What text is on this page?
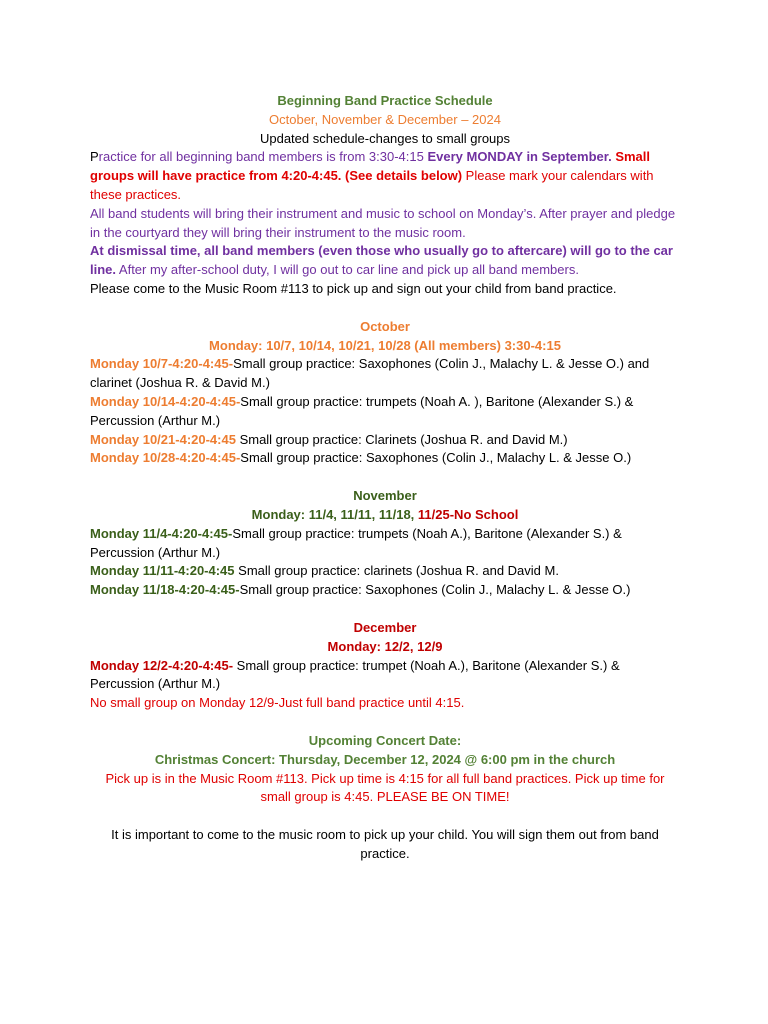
Beginning Band Practice Schedule

October, November & December – 2024

Updated schedule-changes to small groups

Practice for all beginning band members is from 3:30-4:15 Every MONDAY in September. Small groups will have practice from 4:20-4:45. (See details below) Please mark your calendars with these practices.

All band students will bring their instrument and music to school on Monday’s. After prayer and pledge in the courtyard they will bring their instrument to the music room.

At dismissal time, all band members (even those who usually go to aftercare) will go to the car line. After my after-school duty, I will go out to car line and pick up all band members.

Please come to the Music Room #113 to pick up and sign out your child from band practice.

October

Monday: 10/7, 10/14, 10/21, 10/28 (All members) 3:30-4:15

Monday 10/7-4:20-4:45-Small group practice: Saxophones (Colin J., Malachy L. & Jesse O.) and clarinet (Joshua R. & David M.)

Monday 10/14-4:20-4:45-Small group practice: trumpets (Noah A. ), Baritone (Alexander S.) & Percussion (Arthur M.)

Monday 10/21-4:20-4:45 Small group practice: Clarinets (Joshua R. and David M.)

Monday 10/28-4:20-4:45-Small group practice: Saxophones (Colin J., Malachy L. & Jesse O.)

November

Monday: 11/4, 11/11, 11/18, 11/25-No School

Monday 11/4-4:20-4:45-Small group practice: trumpets (Noah A.), Baritone (Alexander S.) & Percussion (Arthur M.)

Monday 11/11-4:20-4:45 Small group practice: clarinets (Joshua R. and David M.

Monday 11/18-4:20-4:45-Small group practice: Saxophones (Colin J., Malachy L. & Jesse O.)

December

Monday: 12/2, 12/9

Monday 12/2-4:20-4:45- Small group practice: trumpet (Noah A.), Baritone (Alexander S.) & Percussion (Arthur M.)

No small group on Monday 12/9-Just full band practice until 4:15.

Upcoming Concert Date:

Christmas Concert: Thursday, December 12, 2024 @ 6:00 pm in the church

Pick up is in the Music Room #113. Pick up time is 4:15 for all full band practices. Pick up time for small group is 4:45. PLEASE BE ON TIME!

It is important to come to the music room to pick up your child. You will sign them out from band practice.
